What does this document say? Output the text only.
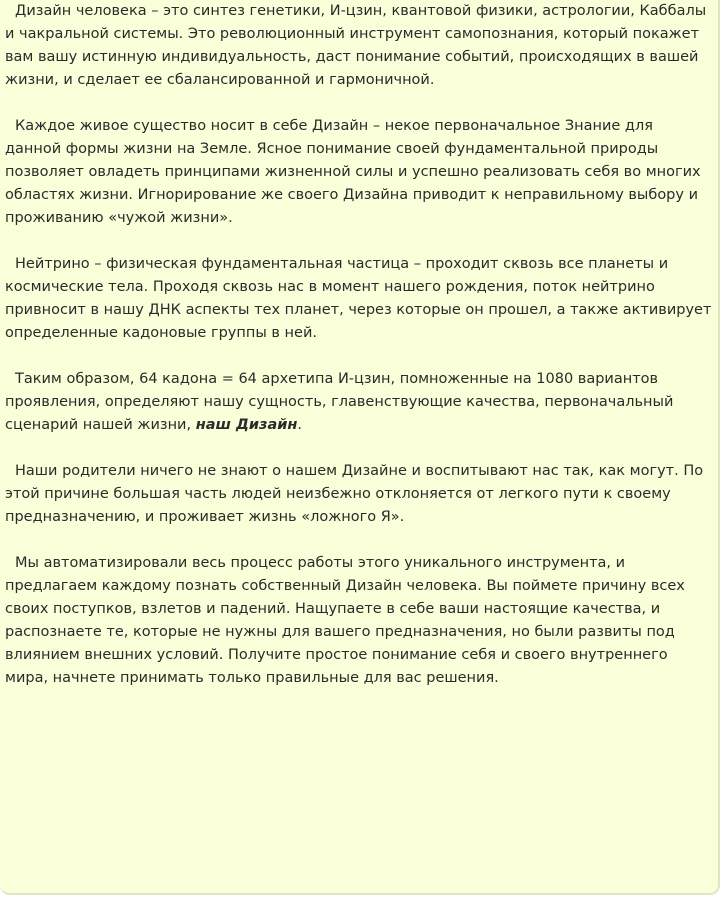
Дизайн человека – это синтез генетики, И-цзин, квантовой физики, астрологии, Каббалы и чакральной системы. Это революционный инструмент самопознания, который покажет вам вашу истинную индивидуальность, даст понимание событий, происходящих в вашей жизни, и сделает ее сбалансированной и гармоничной.

Каждое живое существо носит в себе Дизайн – некое первоначальное Знание для данной формы жизни на Земле. Ясное понимание своей фундаментальной природы позволяет овладеть принципами жизненной силы и успешно реализовать себя во многих областях жизни. Игнорирование же своего Дизайна приводит к неправильному выбору и проживанию «чужой жизни».

Нейтрино – физическая фундаментальная частица – проходит сквозь все планеты и космические тела. Проходя сквозь нас в момент нашего рождения, поток нейтрино привносит в нашу ДНК аспекты тех планет, через которые он прошел, а также активирует определенные кадоновые группы в ней.

Таким образом, 64 кадона = 64 архетипа И-цзин, помноженные на 1080 вариантов проявления, определяют нашу сущность, главенствующие качества, первоначальный сценарий нашей жизни, наш Дизайн.

Наши родители ничего не знают о нашем Дизайне и воспитывают нас так, как могут. По этой причине большая часть людей неизбежно отклоняется от легкого пути к своему предназначению, и проживает жизнь «ложного Я».

Мы автоматизировали весь процесс работы этого уникального инструмента, и предлагаем каждому познать собственный Дизайн человека. Вы поймете причину всех своих поступков, взлетов и падений. Нащупаете в себе ваши настоящие качества, и распознаете те, которые не нужны для вашего предназначения, но были развиты под влиянием внешних условий. Получите простое понимание себя и своего внутреннего мира, начнете принимать только правильные для вас решения.
